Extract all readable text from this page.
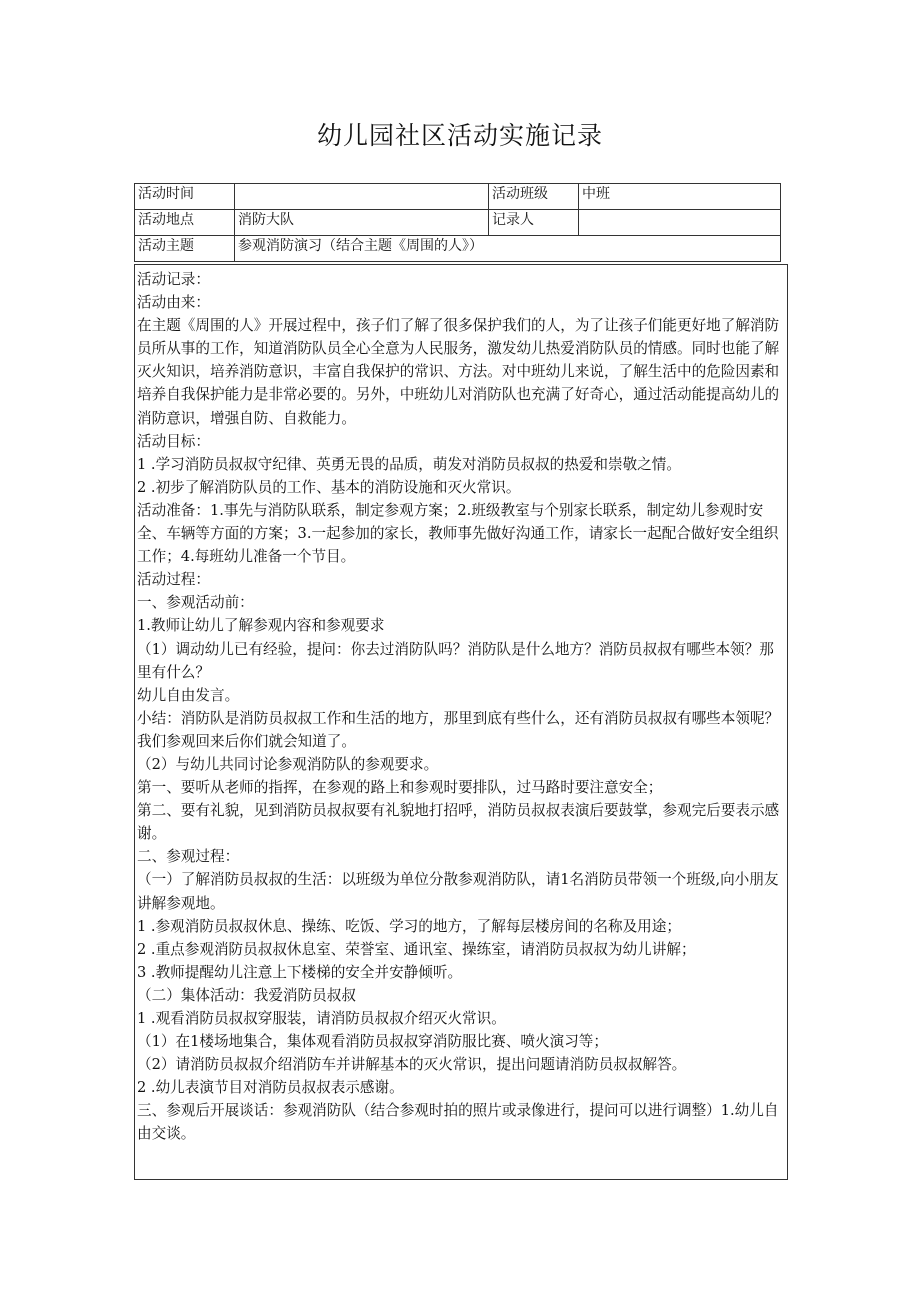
幼儿园社区活动实施记录
活动时间		活动班级	中班
活动地点	消防大队	记录人	
活动主题	参观消防演习（结合主题《周围的人》）		

活动记录：

活动由来：

在主题《周围的人》开展过程中，孩子们了解了很多保护我们的人，为了让孩子们能更好地了解消防员所从事的工作，知道消防队员全心全意为人民服务，激发幼儿热爱消防队员的情感。同时也能了解灭火知识，培养消防意识，丰富自我保护的常识、方法。对中班幼儿来说，了解生活中的危险因素和培养自我保护能力是非常必要的。另外，中班幼儿对消防队也充满了好奇心，通过活动能提高幼儿的消防意识，增强自防、自救能力。

活动目标：

1 .学习消防员叔叔守纪律、英勇无畏的品质，萌发对消防员叔叔的热爱和崇敬之情。

2 .初步了解消防队员的工作、基本的消防设施和灭火常识。

活动准备：1.事先与消防队联系，制定参观方案；2.班级教室与个别家长联系，制定幼儿参观时安全、车辆等方面的方案；3.一起参加的家长，教师事先做好沟通工作，请家长一起配合做好安全组织工作；4.每班幼儿准备一个节目。

活动过程：

一、参观活动前：

1.教师让幼儿了解参观内容和参观要求

（1）调动幼儿已有经验，提问：你去过消防队吗？消防队是什么地方？消防员叔叔有哪些本领？那里有什么？

幼儿自由发言。

小结：消防队是消防员叔叔工作和生活的地方，那里到底有些什么，还有消防员叔叔有哪些本领呢？我们参观回来后你们就会知道了。

（2）与幼儿共同讨论参观消防队的参观要求。

第一、要听从老师的指挥，在参观的路上和参观时要排队，过马路时要注意安全；

第二、要有礼貌，见到消防员叔叔要有礼貌地打招呼，消防员叔叔表演后要鼓掌，参观完后要表示感谢。

二、参观过程：

（一）了解消防员叔叔的生活：以班级为单位分散参观消防队，请1名消防员带领一个班级,向小朋友讲解参观地。

1 .参观消防员叔叔休息、操练、吃饭、学习的地方，了解每层楼房间的名称及用途；

2 .重点参观消防员叔叔休息室、荣誉室、通讯室、操练室，请消防员叔叔为幼儿讲解；

3 .教师提醒幼儿注意上下楼梯的安全并安静倾听。

（二）集体活动：我爱消防员叔叔

1 .观看消防员叔叔穿服装，请消防员叔叔介绍灭火常识。

（1）在1楼场地集合，集体观看消防员叔叔穿消防服比赛、喷火演习等；

（2）请消防员叔叔介绍消防车并讲解基本的灭火常识，提出问题请消防员叔叔解答。

2 .幼儿表演节目对消防员叔叔表示感谢。

三、参观后开展谈话：参观消防队（结合参观时拍的照片或录像进行，提问可以进行调整）1.幼儿自由交谈。
